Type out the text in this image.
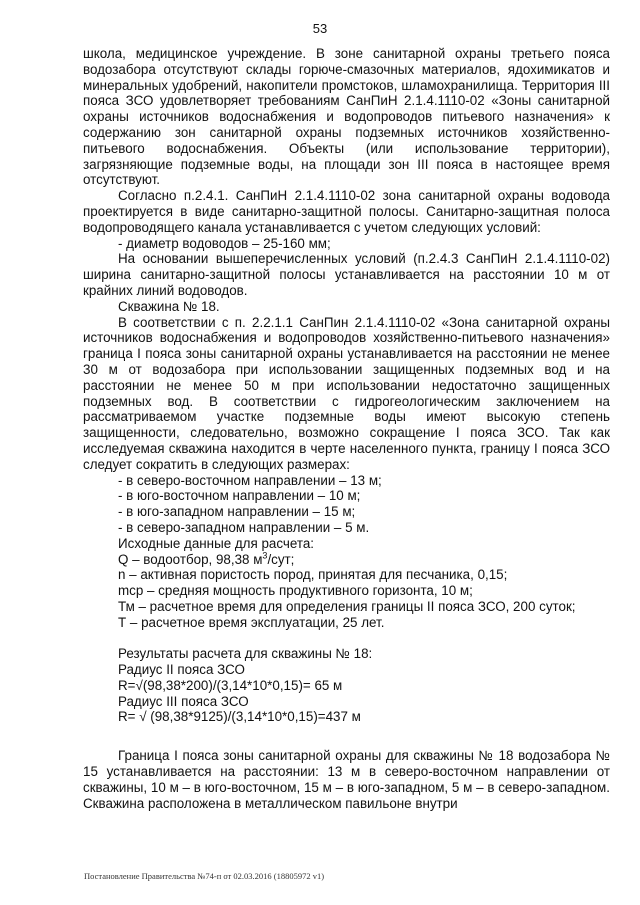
53

школа, медицинское учреждение. В зоне санитарной охраны третьего пояса водозабора отсутствуют склады горюче-смазочных материалов, ядохимикатов и минеральных удобрений, накопители промстоков, шламохранилища. Территория III пояса ЗСО удовлетворяет требованиям СанПиН 2.1.4.1110-02 «Зоны санитарной охраны источников водоснабжения и водопроводов питьевого назначения» к содержанию зон санитарной охраны подземных источников хозяйственно-питьевого водоснабжения. Объекты (или использование территории), загрязняющие подземные воды, на площади зон III пояса в настоящее время отсутствуют.

Согласно п.2.4.1. СанПиН 2.1.4.1110-02 зона санитарной охраны водовода проектируется в виде санитарно-защитной полосы. Санитарно-защитная полоса водопроводящего канала устанавливается с учетом следующих условий:

- диаметр водоводов – 25-160 мм;

На основании вышеперечисленных условий (п.2.4.3 СанПиН 2.1.4.1110-02) ширина санитарно-защитной полосы устанавливается на расстоянии 10 м от крайних линий водоводов.

Скважина № 18.

В соответствии с п. 2.2.1.1 СанПин 2.1.4.1110-02 «Зона санитарной охраны источников водоснабжения и водопроводов хозяйственно-питьевого назначения» граница I пояса зоны санитарной охраны устанавливается на расстоянии не менее 30 м от водозабора при использовании защищенных подземных вод и на расстоянии не менее 50 м при использовании недостаточно защищенных подземных вод. В соответствии с гидрогеологическим заключением на рассматриваемом участке подземные воды имеют высокую степень защищенности, следовательно, возможно сокращение I пояса ЗСО. Так как исследуемая скважина находится в черте населенного пункта, границу I пояса ЗСО следует сократить в следующих размерах:

- в северо-восточном направлении – 13 м;

- в юго-восточном направлении – 10 м;

- в юго-западном направлении – 15 м;

- в северо-западном направлении – 5 м.

Исходные данные для расчета:

Q – водоотбор, 98,38 $м^3$/сут;

n – активная пористость пород, принятая для песчаника, 0,15;

mср – средняя мощность продуктивного горизонта, 10 м;

Тм – расчетное время для определения границы II пояса ЗСО, 200 суток;

Т – расчетное время эксплуатации, 25 лет.

Результаты расчета для скважины № 18:

Радиус II пояса ЗСО

R=√(98,38*200)/(3,14*10*0,15)= 65 м

Радиус III пояса ЗСО

R= √ (98,38*9125)/(3,14*10*0,15)=437 м

Граница I пояса зоны санитарной охраны для скважины № 18 водозабора № 15 устанавливается на расстоянии: 13 м в северо-восточном направлении от скважины, 10 м – в юго-восточном, 15 м – в юго-западном, 5 м – в северо-западном. Скважина расположена в металлическом павильоне внутри

Постановление Правительства №74-п от 02.03.2016 (18805972 v1)
